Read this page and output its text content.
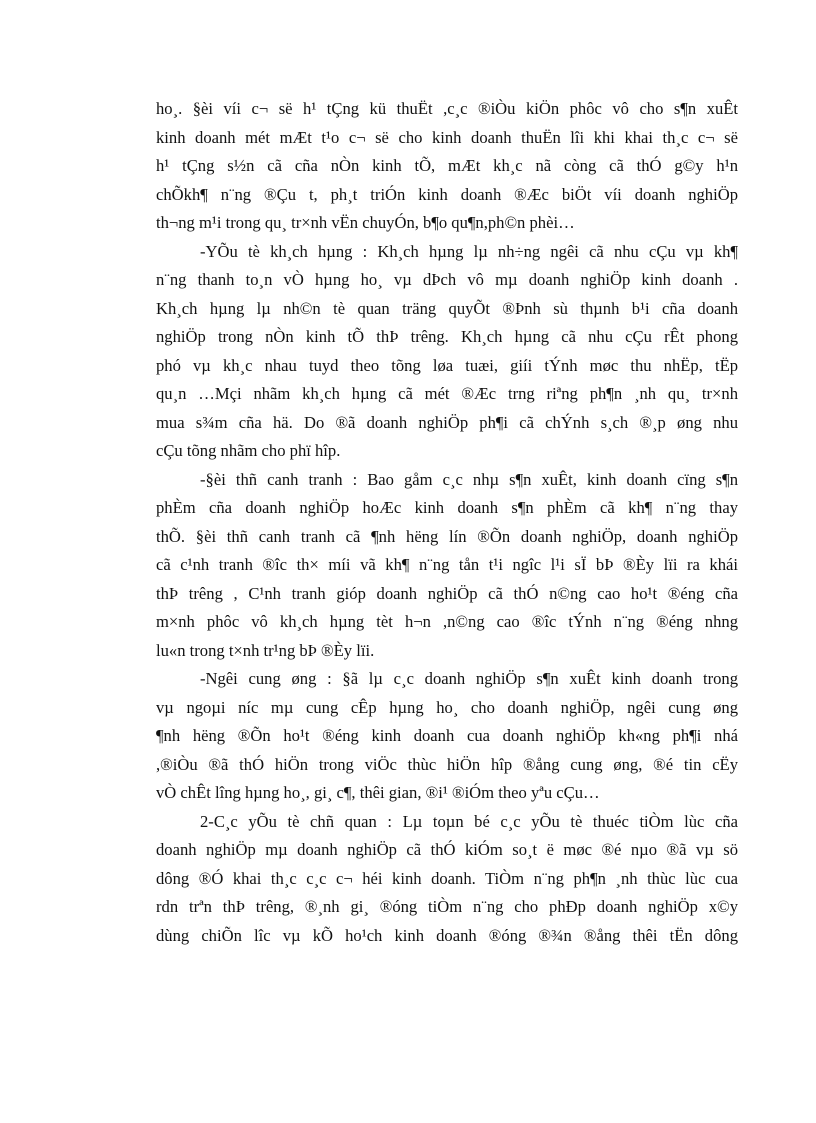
ho¸. §èi víi c¬ së h¹ tÇng kü thuËt ,c¸c ®iÒu kiÖn phôc vô cho s¶n xuÊt
kinh doanh mét mÆt t¹o c¬ së cho kinh doanh thuËn lîi khi khai th¸c c¬ së
h¹ tÇng s½n cã cña nÒn kinh tÕ, mÆt kh¸c nã còng cã thÓ g©y h¹n
chÕkh¶ n¨ng ®Çu t, ph¸t triÓn kinh doanh ®Æc biÖt víi doanh nghiÖp
th¬ng m¹i trong qu¸ tr×nh vËn chuyÓn, b¶o qu¶n,ph©n phèi…
-YÕu tè kh¸ch hµng : Kh¸ch hµng lµ nh÷ng ngêi cã nhu cÇu vµ kh¶
n¨ng thanh to¸n vÒ hµng ho¸ vµ dÞch vô mµ doanh nghiÖp kinh doanh .
Kh¸ch hµng lµ nh©n tè quan träng quyÕt ®Þnh sù thµnh b¹i cña doanh
nghiÖp trong nÒn kinh tÕ thÞ trêng. Kh¸ch hµng cã nhu cÇu rÊt phong
phó vµ kh¸c nhau tuyd theo tõng løa tuæi, giíi tÝnh møc thu nhËp, tËp
qu¸n …Mçi nhãm kh¸ch hµng cã mét ®Æc trng riªng ph¶n ¸nh qu¸ tr×nh
mua s¾m cña hä. Do ®ã doanh nghiÖp ph¶i cã chÝnh s¸ch ®¸p øng nhu
cÇu tõng nhãm cho phï hîp.
-§èi thñ canh tranh : Bao gåm c¸c nhµ s¶n xuÊt, kinh doanh cïng s¶n
phÈm cña doanh nghiÖp hoÆc kinh doanh s¶n phÈm cã kh¶ n¨ng thay
thÕ. §èi thñ canh tranh cã ¶nh hëng lín ®Õn doanh nghiÖp, doanh nghiÖp
cã c¹nh tranh ®îc th× míi vã kh¶ n¨ng tån t¹i ngîc l¹i sÏ bÞ ®Èy lïi ra khái
thÞ trêng , C¹nh tranh gióp doanh nghiÖp cã thÓ n©ng cao ho¹t ®éng cña
m×nh phôc vô kh¸ch hµng tèt h¬n ,n©ng cao ®îc tÝnh n¨ng ®éng nhng
lu«n trong t×nh tr¹ng bÞ ®Èy lïi.
-Ngêi cung øng : §ã lµ c¸c doanh nghiÖp s¶n xuÊt kinh doanh trong
vµ ngoµi níc mµ cung cÊp hµng ho¸ cho doanh nghiÖp, ngêi cung øng
¶nh hëng ®Õn ho¹t ®éng kinh doanh cua doanh nghiÖp kh«ng ph¶i nhá
,®iÒu ®ã thÓ hiÖn trong viÖc thùc hiÖn hîp ®ång cung øng, ®é tin cËy
vÒ chÊt lîng hµng ho¸, gi¸ c¶, thêi gian, ®i¹ ®iÓm theo yªu cÇu…
2-C¸c yÕu tè chñ quan : Lµ toµn bé c¸c yÕu tè thuéc tiÒm lùc cña
doanh nghiÖp mµ doanh nghiÖp cã thÓ kiÓm so¸t ë møc ®é nµo ®ã vµ sö
dông ®Ó khai th¸c c¸c c¬ héi kinh doanh. TiÒm n¨ng ph¶n ¸nh thùc lùc cua
rdn trªn thÞ trêng, ®¸nh gi¸ ®óng tiÒm n¨ng cho phÐp doanh nghiÖp x©y
dùng chiÕn lîc vµ kÕ ho¹ch kinh doanh ®óng ®¾n ®ång thêi tËn dông
